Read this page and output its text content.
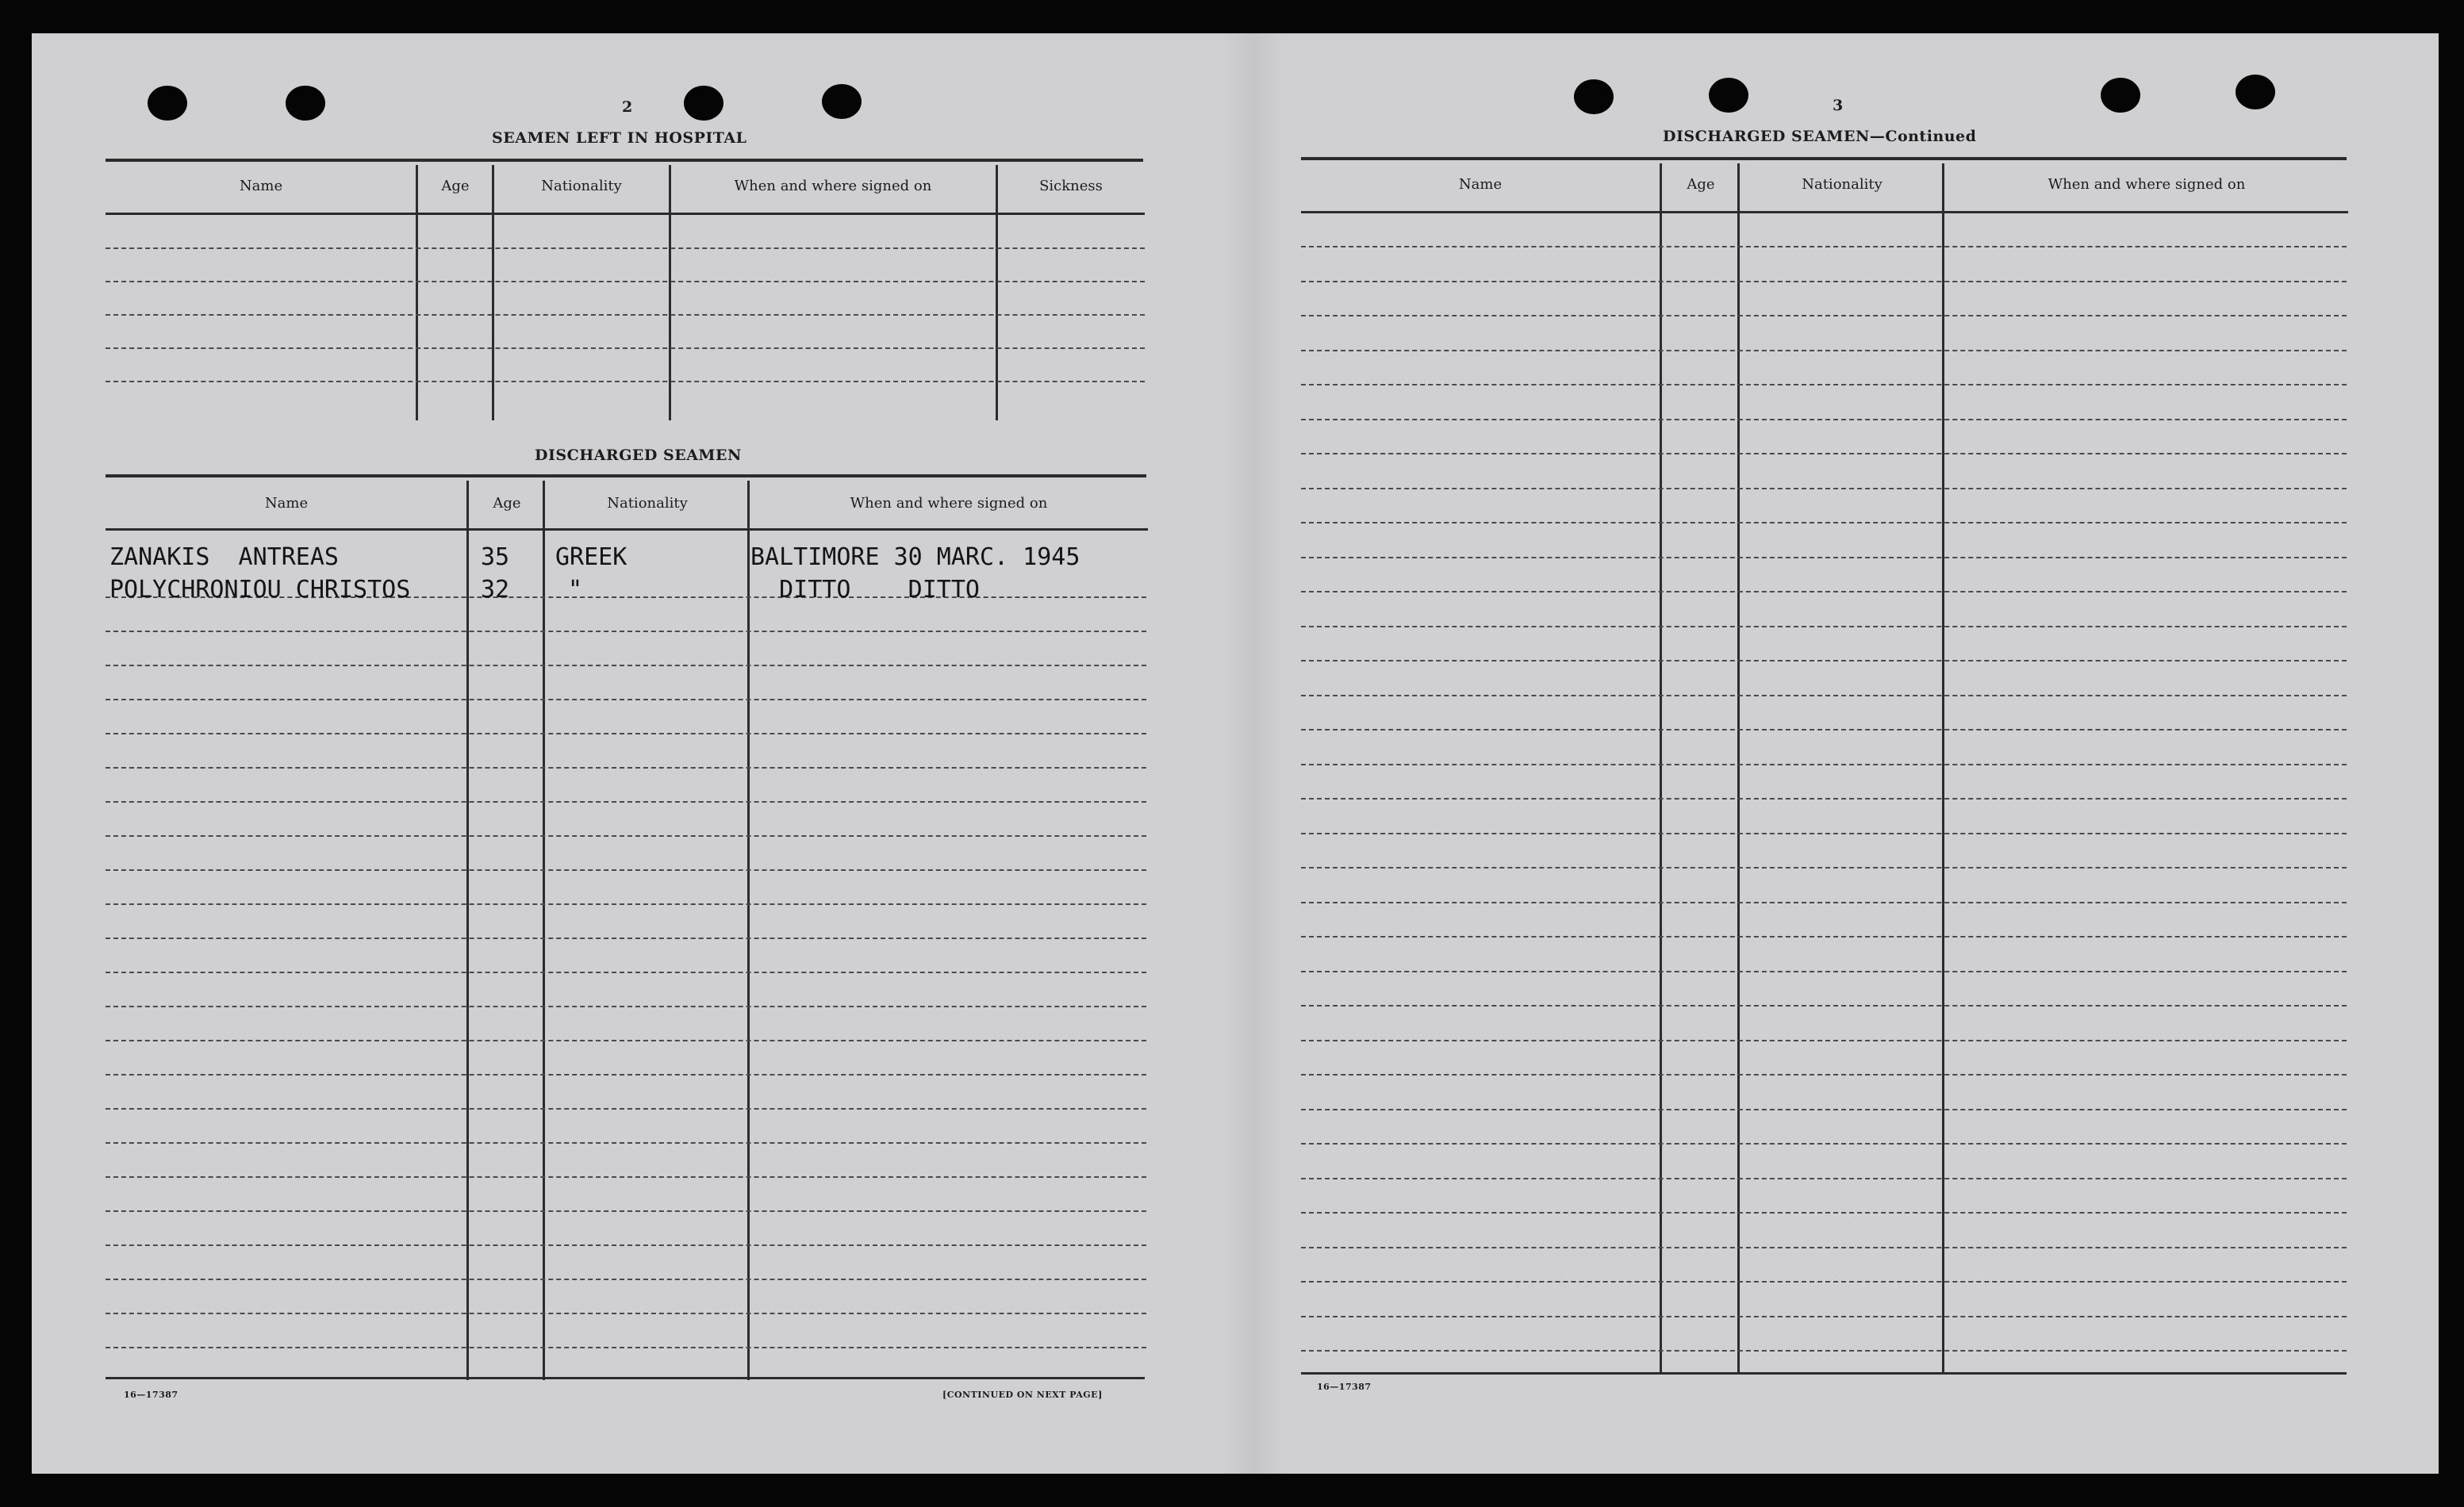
2
SEAMEN LEFT IN HOSPITAL
Name	Age	Nationality	When and where signed on	Sickness
DISCHARGED SEAMEN
Name	Age	Nationality	When and where signed on
ZANAKIS  ANTREAS	35 GREEK	BALTIMORE 30 MARC. 1945
POLYCHRONIOU CHRISTOS	32 "	DITTO    DITTO
16—17387	[CONTINUED ON NEXT PAGE]
3
DISCHARGED SEAMEN—Continued
Name	Age	Nationality	When and where signed on
16—17387
